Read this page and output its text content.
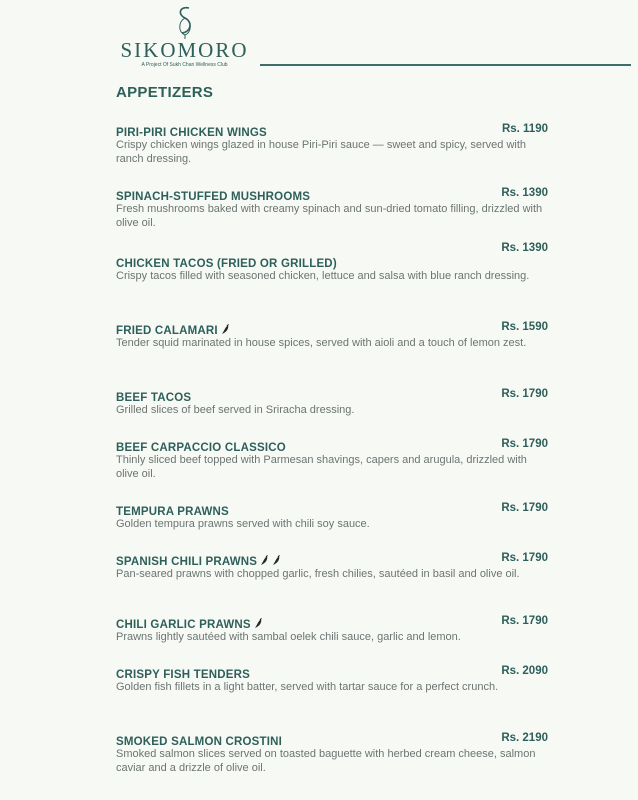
SIKOMORO
A Project Of Sukh Chan Wellness Club
APPETIZERS
PIRI-PIRI CHICKEN WINGS	Rs. 1190
Crispy chicken wings glazed in house Piri-Piri sauce — sweet and spicy, served with ranch dressing.
SPINACH-STUFFED MUSHROOMS	Rs. 1390
Fresh mushrooms baked with creamy spinach and sun-dried tomato filling, drizzled with olive oil.
CHICKEN TACOS (FRIED OR GRILLED)
Rs. 1390
Crispy tacos filled with seasoned chicken, lettuce and salsa with blue ranch dressing.
FRIED CALAMARI	Rs. 1590
Tender squid marinated in house spices, served with aioli and a touch of lemon zest.
BEEF TACOS	Rs. 1790
Grilled slices of beef served in Sriracha dressing.
BEEF CARPACCIO CLASSICO	Rs. 1790
Thinly sliced beef topped with Parmesan shavings, capers and arugula, drizzled with olive oil.
TEMPURA PRAWNS	Rs. 1790
Golden tempura prawns served with chili soy sauce.
SPANISH CHILI PRAWNS	Rs. 1790
Pan-seared prawns with chopped garlic, fresh chilies, sautéed in basil and olive oil.
CHILI GARLIC PRAWNS	Rs. 1790
Prawns lightly sautéed with sambal oelek chili sauce, garlic and lemon.
CRISPY FISH TENDERS	Rs. 2090
Golden fish fillets in a light batter, served with tartar sauce for a perfect crunch.
SMOKED SALMON CROSTINI	Rs. 2190
Smoked salmon slices served on toasted baguette with herbed cream cheese, salmon caviar and a drizzle of olive oil.
